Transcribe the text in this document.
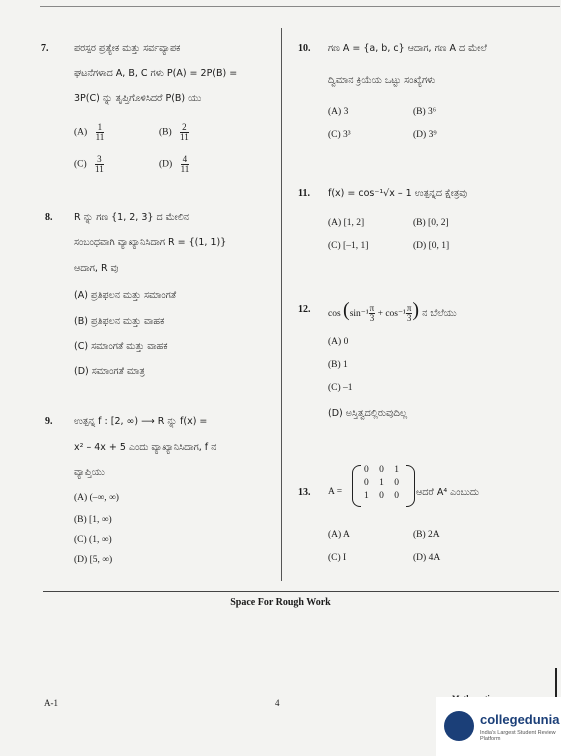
7.	ಪರಸ್ಪರ ಪ್ರತ್ಯೇಕ ಮತ್ತು ಸರ್ವವ್ಯಾಪಕ
ಘಟನೆಗಳಾದ A, B, C ಗಳು P(A) = 2P(B) =
3P(C) ನ್ನು ತೃಪ್ತಿಗೊಳಿಸಿದರೆ P(B) ಯು
$(A) \frac{1}{11}$	$(B) \frac{2}{11}$
$(C) \frac{3}{11}$	$(D) \frac{4}{11}$
8. R ನ್ನು ಗಣ {1, 2, 3} ದ ಮೇಲಿನ
ಸಂಬಂಧವಾಗಿ ವ್ಯಾಖ್ಯಾನಿಸಿದಾಗ R = {(1, 1)}
ಆದಾಗ, R ವು
(A) ಪ್ರತಿಫಲನ ಮತ್ತು ಸಮಾಂಗತೆ
(B) ಪ್ರತಿಫಲನ ಮತ್ತು ವಾಹಕ
(C) ಸಮಾಂಗತೆ ಮತ್ತು ವಾಹಕ
(D) ಸಮಾಂಗತೆ ಮಾತ್ರ
9. ಉತ್ಪನ್ನ f : [2, ∞) ⟶ R ನ್ನು f(x) =
x² – 4x + 5 ಎಂದು ವ್ಯಾಖ್ಯಾನಿಸಿದಾಗ, f ನ
ವ್ಯಾಪ್ತಿಯು
(A) (–∞, ∞)
(B) [1, ∞)
(C) (1, ∞)
(D) [5, ∞)
10. ಗಣ A = {a, b, c} ಆದಾಗ, ಗಣ A ದ ಮೇಲೆ
ದ್ವಿಮಾನ ಕ್ರಿಯೆಯ ಒಟ್ಟು ಸಂಖ್ಯೆಗಳು
(A) 3	(B) 3⁶
(C) 3³	(D) 3⁹
11. f(x) = cos⁻¹√x – 1 ಉತ್ಪನ್ನದ ಕ್ಷೇತ್ರವು
(A) [1, 2]	(B) [0, 2]
(C) [–1, 1]	(D) [0, 1]
12. $\cos (\sin^{-1} \frac{\pi}{3} + \cos^{-1} \frac{\pi}{3}$ ) ನ ಬೆಲೆಯು
(A) 0
(B) 1
(C) –1
(D) ಅಸ್ತಿತ್ವದಲ್ಲಿರುವುದಿಲ್ಲ
13. A =
0 0 1
0 1 0
1 0 0 ಆದರೆ A⁴ ಎಂಬುದು
(A) A	(B) 2A
(C) I	(D) 4A
Space For Rough Work
A-1	4
collegedunia
India's Largest Student Review Platform
